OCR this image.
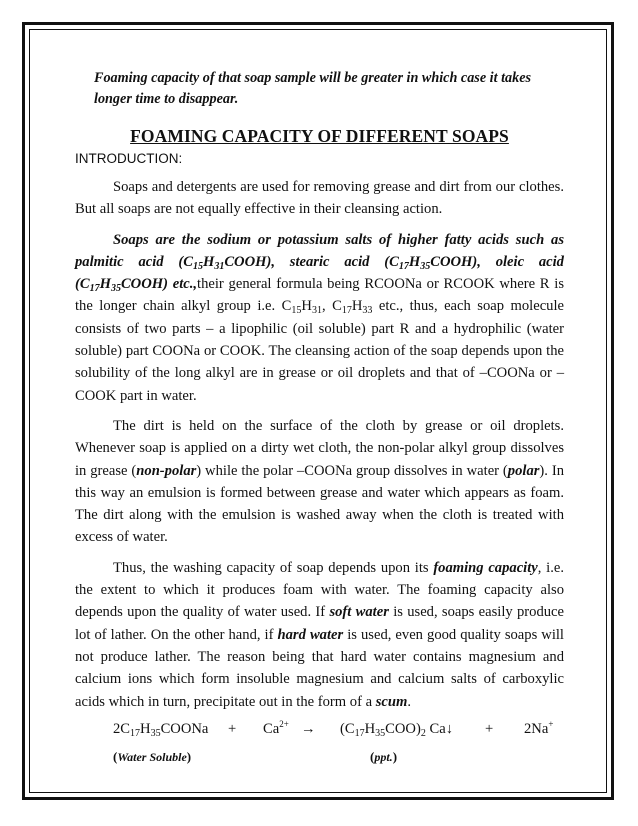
Foaming capacity of that soap sample will be greater in which case it takes longer time to disappear.

FOAMING CAPACITY OF DIFFERENT SOAPS
INTRODUCTION:

Soaps and detergents are used for removing grease and dirt from our clothes. But all soaps are not equally effective in their cleansing action.

Soaps are the sodium or potassium salts of higher fatty acids such as palmitic acid $(C_{15}H_{31}COOH)$, stearic acid $(C_{17}H_{35}COOH)$, oleic acid $(C_{17}H_{35}COOH)$ etc.,their general formula being RCOONa or RCOOK where R is the longer chain alkyl group i.e. $C_{15}H_{31}$, $C_{17}H_{33}$ etc., thus, each soap molecule consists of two parts – a lipophilic (oil soluble) part R and a hydrophilic (water soluble) part COONa or COOK. The cleansing action of the soap depends upon the solubility of the long alkyl are in grease or oil droplets and that of –COONa or –COOK part in water.

The dirt is held on the surface of the cloth by grease or oil droplets. Whenever soap is applied on a dirty wet cloth, the non-polar alkyl group dissolves in grease (non-polar) while the polar –COONa group dissolves in water (polar). In this way an emulsion is formed between grease and water which appears as foam. The dirt along with the emulsion is washed away when the cloth is treated with excess of water.

Thus, the washing capacity of soap depends upon its foaming capacity, i.e. the extent to which it produces foam with water. The foaming capacity also depends upon the quality of water used. If soft water is used, soaps easily produce lot of lather. On the other hand, if hard water is used, even good quality soaps will not produce lather. The reason being that hard water contains magnesium and calcium ions which form insoluble magnesium and calcium salts of carboxylic acids which in turn, precipitate out in the form of a scum.

$2C_{17}H_{35}COONa + Ca^{2+} \to (C_{17}H_{35}COO)_2$ Ca↓ + 2Na+
(Water Soluble)	(ppt.)
